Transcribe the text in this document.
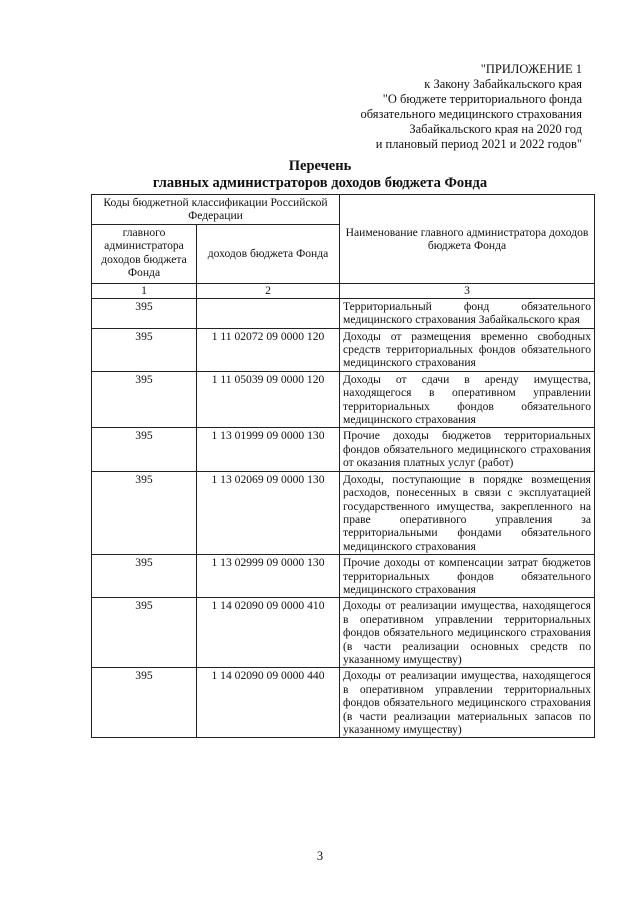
"ПРИЛОЖЕНИЕ 1
к Закону Забайкальского края
"О бюджете территориального фонда
обязательного медицинского страхования
Забайкальского края на 2020 год
и плановый период 2021 и 2022 годов"
Перечень
главных администраторов доходов бюджета Фонда
Коды бюджетной классификации Российской Федерации		Наименование главного администратора доходов бюджета Фонда
главного администратора доходов бюджета Фонда	доходов бюджета Фонда	
1	2	3
395		Территориальный фонд обязательного медицинского страхования Забайкальского края
395	1 11 02072 09 0000 120	Доходы от размещения временно свободных средств территориальных фондов обязательного медицинского страхования
395	1 11 05039 09 0000 120	Доходы от сдачи в аренду имущества, находящегося в оперативном управлении территориальных фондов обязательного медицинского страхования
395	1 13 01999 09 0000 130	Прочие доходы бюджетов территориальных фондов обязательного медицинского страхования от оказания платных услуг (работ)
395	1 13 02069 09 0000 130	Доходы, поступающие в порядке возмещения расходов, понесенных в связи с эксплуатацией государственного имущества, закрепленного на праве оперативного управления за территориальными фондами обязательного медицинского страхования
395	1 13 02999 09 0000 130	Прочие доходы от компенсации затрат бюджетов территориальных фондов обязательного медицинского страхования
395	1 14 02090 09 0000 410	Доходы от реализации имущества, находящегося в оперативном управлении территориальных фондов обязательного медицинского страхования (в части реализации основных средств по указанному имуществу)
395	1 14 02090 09 0000 440	Доходы от реализации имущества, находящегося в оперативном управлении территориальных фондов обязательного медицинского страхования (в части реализации материальных запасов по указанному имуществу)
3
